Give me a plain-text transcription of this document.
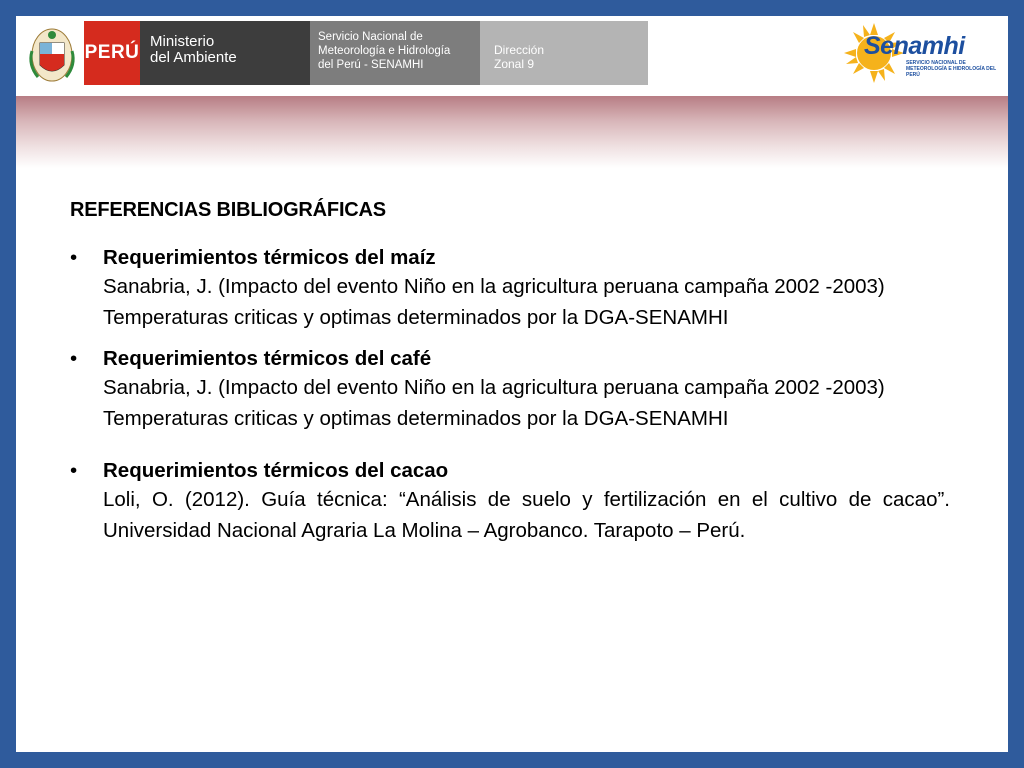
PERÚ
Ministerio
del Ambiente
Servicio Nacional de
Meteorología e Hidrología
del Perú - SENAMHI
Dirección
Zonal 9
Senamhi
SERVICIO NACIONAL DE METEOROLOGÍA E HIDROLOGÍA DEL PERÚ
REFERENCIAS BIBLIOGRÁFICAS
• Requerimientos térmicos del maíz

Sanabria, J. (Impacto del evento Niño en la agricultura peruana campaña 2002 -2003)

Temperaturas criticas y optimas determinados por la DGA-SENAMHI

• Requerimientos térmicos del café

Sanabria, J. (Impacto del evento Niño en la agricultura peruana campaña 2002 -2003)

Temperaturas criticas y optimas determinados por la DGA-SENAMHI

• Requerimientos térmicos del cacao

Loli, O. (2012). Guía técnica: “Análisis de suelo y fertilización en el cultivo de cacao”. Universidad Nacional Agraria La Molina – Agrobanco. Tarapoto – Perú.
